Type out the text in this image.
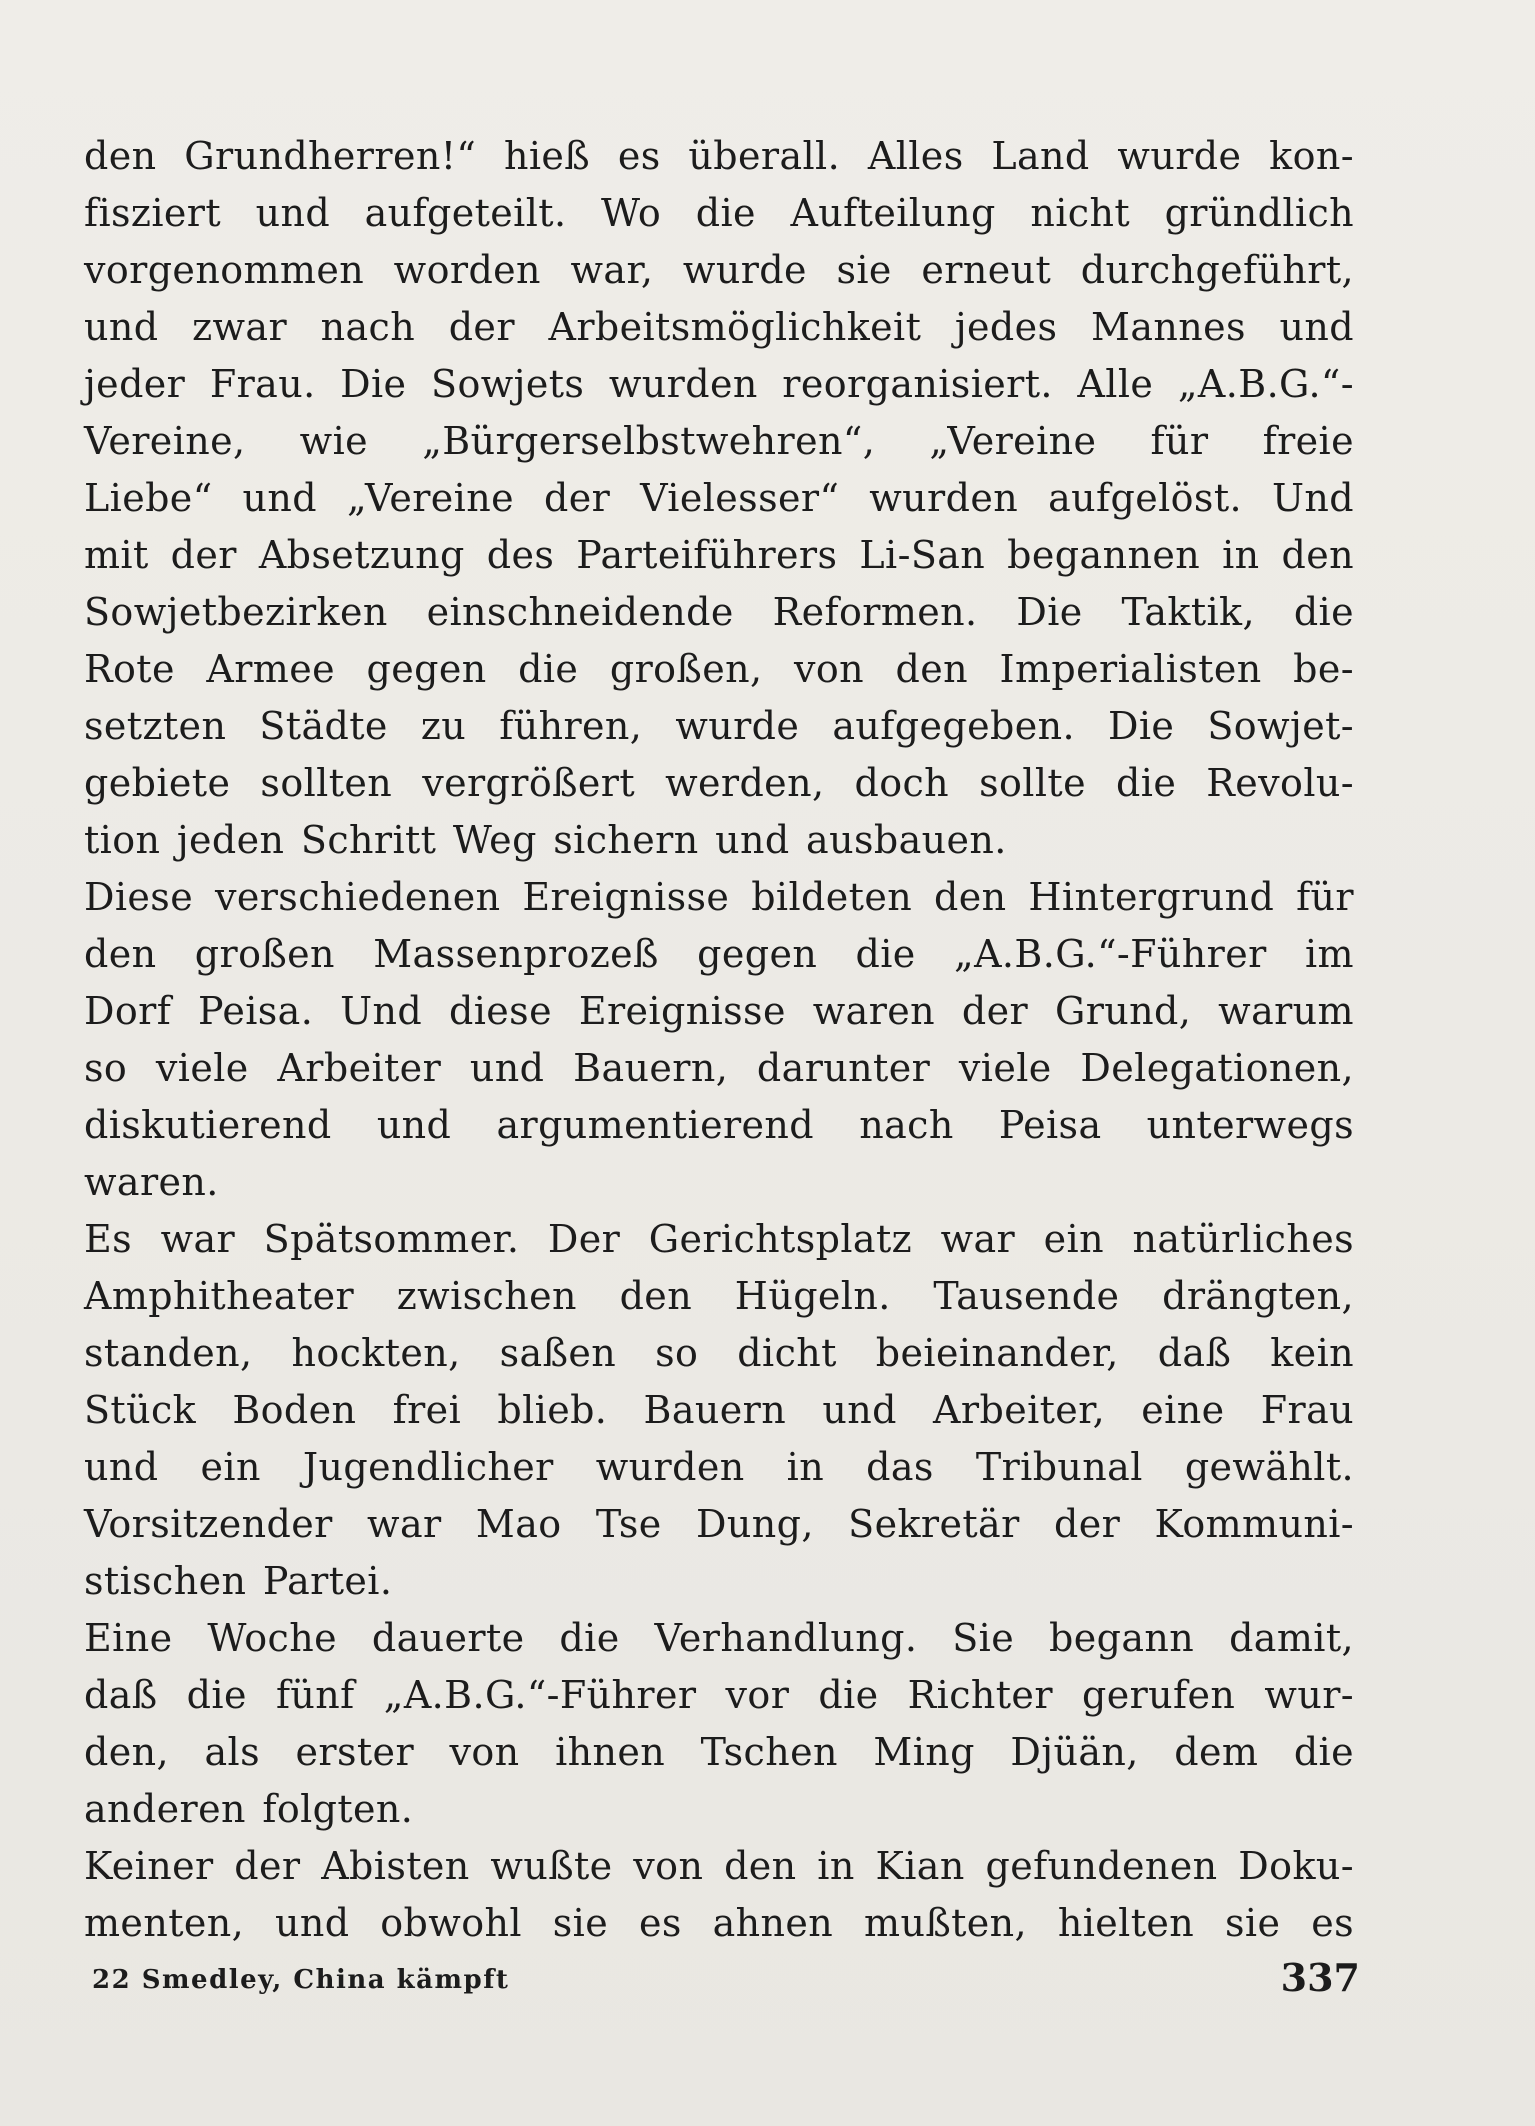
den Grundherren!“ hieß es überall. Alles Land wurde kon-
fisziert und aufgeteilt. Wo die Aufteilung nicht gründlich
vorgenommen worden war, wurde sie erneut durchgeführt,
und zwar nach der Arbeitsmöglichkeit jedes Mannes und
jeder Frau. Die Sowjets wurden reorganisiert. Alle „A.B.G.“-
Vereine, wie „Bürgerselbstwehren“, „Vereine für freie
Liebe“ und „Vereine der Vielesser“ wurden aufgelöst. Und
mit der Absetzung des Parteiführers Li-San begannen in den
Sowjetbezirken einschneidende Reformen. Die Taktik, die
Rote Armee gegen die großen, von den Imperialisten be-
setzten Städte zu führen, wurde aufgegeben. Die Sowjet-
gebiete sollten vergrößert werden, doch sollte die Revolu-
tion jeden Schritt Weg sichern und ausbauen.
Diese verschiedenen Ereignisse bildeten den Hintergrund für
den großen Massenprozeß gegen die „A.B.G.“-Führer im
Dorf Peisa. Und diese Ereignisse waren der Grund, warum
so viele Arbeiter und Bauern, darunter viele Delegationen,
diskutierend und argumentierend nach Peisa unterwegs
waren.
Es war Spätsommer. Der Gerichtsplatz war ein natürliches
Amphitheater zwischen den Hügeln. Tausende drängten,
standen, hockten, saßen so dicht beieinander, daß kein
Stück Boden frei blieb. Bauern und Arbeiter, eine Frau
und ein Jugendlicher wurden in das Tribunal gewählt.
Vorsitzender war Mao Tse Dung, Sekretär der Kommuni-
stischen Partei.
Eine Woche dauerte die Verhandlung. Sie begann damit,
daß die fünf „A.B.G.“-Führer vor die Richter gerufen wur-
den, als erster von ihnen Tschen Ming Djüän, dem die
anderen folgten.
Keiner der Abisten wußte von den in Kian gefundenen Doku-
menten, und obwohl sie es ahnen mußten, hielten sie es
22 Smedley, China kämpft	337
